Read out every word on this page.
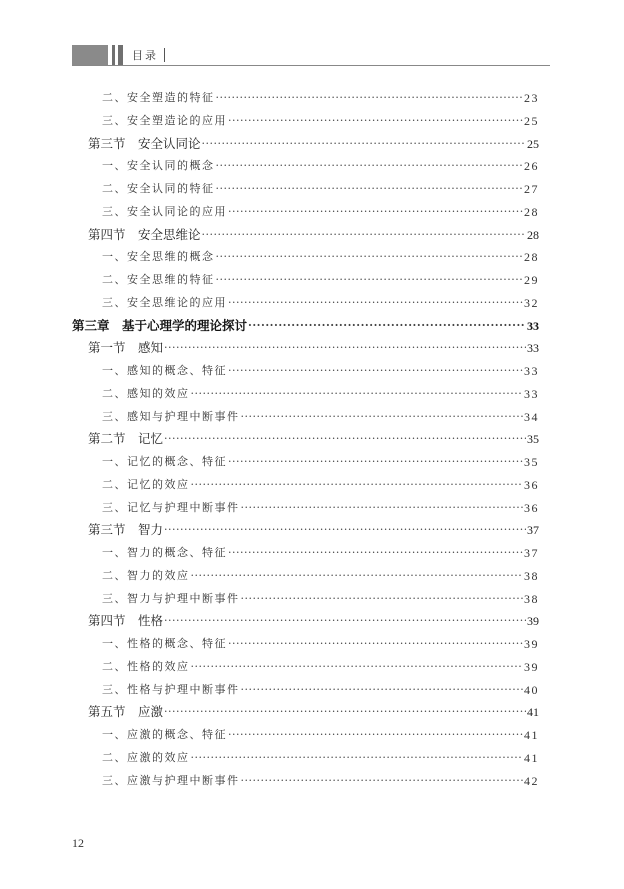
目录
二、安全塑造的特征 ·····	23
三、安全塑造论的应用 ·····	25
第三节　安全认同论 ·····	25
一、安全认同的概念 ·····	26
二、安全认同的特征 ·····	27
三、安全认同论的应用 ·····	28
第四节　安全思维论 ·····	28
一、安全思维的概念 ·····	28
二、安全思维的特征 ·····	29
三、安全思维论的应用 ·····	32
第三章　基于心理学的理论探讨 ·····	33
第一节　感知 ·····	33
一、感知的概念、特征 ·····	33
二、感知的效应 ·····	33
三、感知与护理中断事件 ·····	34
第二节　记忆 ·····	35
一、记忆的概念、特征 ·····	35
二、记忆的效应 ·····	36
三、记忆与护理中断事件 ·····	36
第三节　智力 ·····	37
一、智力的概念、特征 ·····	37
二、智力的效应 ·····	38
三、智力与护理中断事件 ·····	38
第四节　性格 ·····	39
一、性格的概念、特征 ·····	39
二、性格的效应 ·····	39
三、性格与护理中断事件 ·····	40
第五节　应激 ·····	41
一、应激的概念、特征 ·····	41
二、应激的效应 ·····	41
三、应激与护理中断事件 ·····	42
12
